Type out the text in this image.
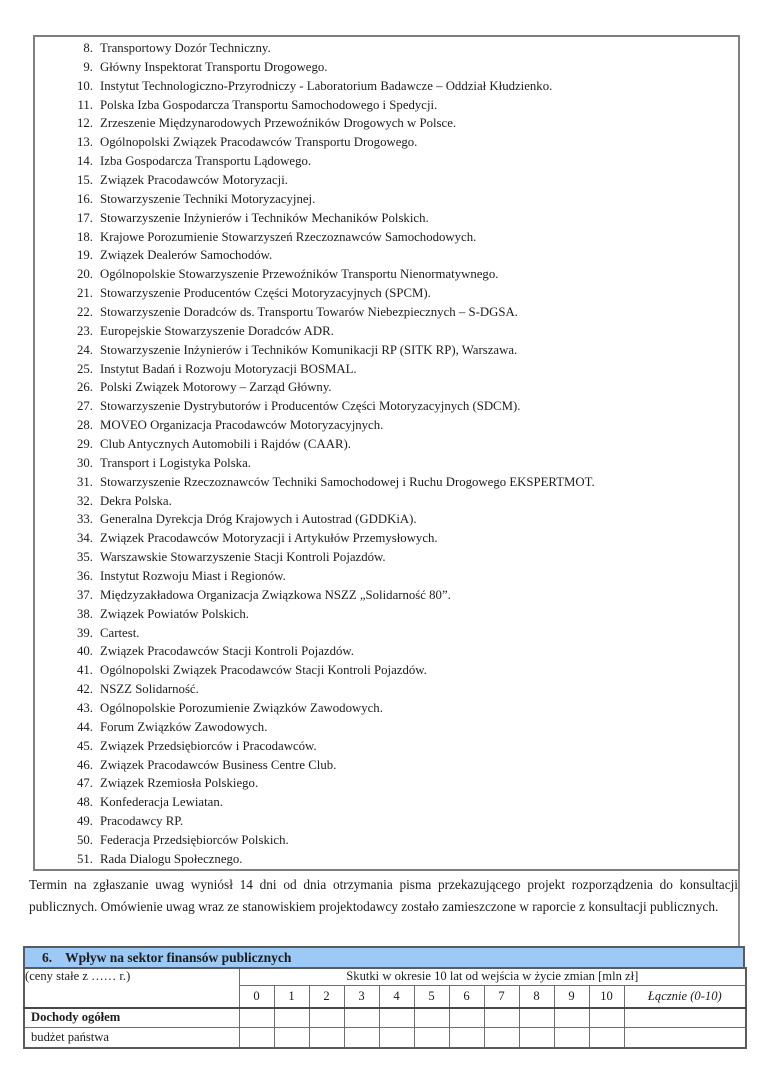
8. Transportowy Dozór Techniczny.
9. Główny Inspektorat Transportu Drogowego.
10. Instytut Technologiczno-Przyrodniczy - Laboratorium Badawcze – Oddział Kłudzienko.
11. Polska Izba Gospodarcza Transportu Samochodowego i Spedycji.
12. Zrzeszenie Międzynarodowych Przewoźników Drogowych w Polsce.
13. Ogólnopolski Związek Pracodawców Transportu Drogowego.
14. Izba Gospodarcza Transportu Lądowego.
15. Związek Pracodawców Motoryzacji.
16. Stowarzyszenie Techniki Motoryzacyjnej.
17. Stowarzyszenie Inżynierów i Techników Mechaników Polskich.
18. Krajowe Porozumienie Stowarzyszeń Rzeczoznawców Samochodowych.
19. Związek Dealerów Samochodów.
20. Ogólnopolskie Stowarzyszenie Przewoźników Transportu Nienormatywnego.
21. Stowarzyszenie Producentów Części Motoryzacyjnych (SPCM).
22. Stowarzyszenie Doradców ds. Transportu Towarów Niebezpiecznych – S-DGSA.
23. Europejskie Stowarzyszenie Doradców ADR.
24. Stowarzyszenie Inżynierów i Techników Komunikacji RP (SITK RP), Warszawa.
25. Instytut Badań i Rozwoju Motoryzacji BOSMAL.
26. Polski Związek Motorowy – Zarząd Główny.
27. Stowarzyszenie Dystrybutorów i Producentów Części Motoryzacyjnych (SDCM).
28. MOVEO Organizacja Pracodawców Motoryzacyjnych.
29. Club Antycznych Automobili i Rajdów (CAAR).
30. Transport i Logistyka Polska.
31. Stowarzyszenie Rzeczoznawców Techniki Samochodowej i Ruchu Drogowego EKSPERTMOT.
32. Dekra Polska.
33. Generalna Dyrekcja Dróg Krajowych i Autostrad (GDDKiA).
34. Związek Pracodawców Motoryzacji i Artykułów Przemysłowych.
35. Warszawskie Stowarzyszenie Stacji Kontroli Pojazdów.
36. Instytut Rozwoju Miast i Regionów.
37. Międzyzakładowa Organizacja Związkowa NSZZ „Solidarność 80”.
38. Związek Powiatów Polskich.
39. Cartest.
40. Związek Pracodawców Stacji Kontroli Pojazdów.
41. Ogólnopolski Związek Pracodawców Stacji Kontroli Pojazdów.
42. NSZZ Solidarność.
43. Ogólnopolskie Porozumienie Związków Zawodowych.
44. Forum Związków Zawodowych.
45. Związek Przedsiębiorców i Pracodawców.
46. Związek Pracodawców Business Centre Club.
47. Związek Rzemiosła Polskiego.
48. Konfederacja Lewiatan.
49. Pracodawcy RP.
50. Federacja Przedsiębiorców Polskich.
51. Rada Dialogu Społecznego.

Termin na zgłaszanie uwag wyniósł 14 dni od dnia otrzymania pisma przekazującego projekt rozporządzenia do konsultacji publicznych. Omówienie uwag wraz ze stanowiskiem projektodawcy zostało zamieszczone w raporcie z konsultacji publicznych.

6. Wpływ na sektor finansów publicznych
(ceny stałe z …… r.)	Skutki w okresie 10 lat od wejścia w życie zmian [mln zł]											
	0	1	2	3	4	5	6	7	8	9	10	Łącznie (0-10)
Dochody ogółem												
budżet państwa												
